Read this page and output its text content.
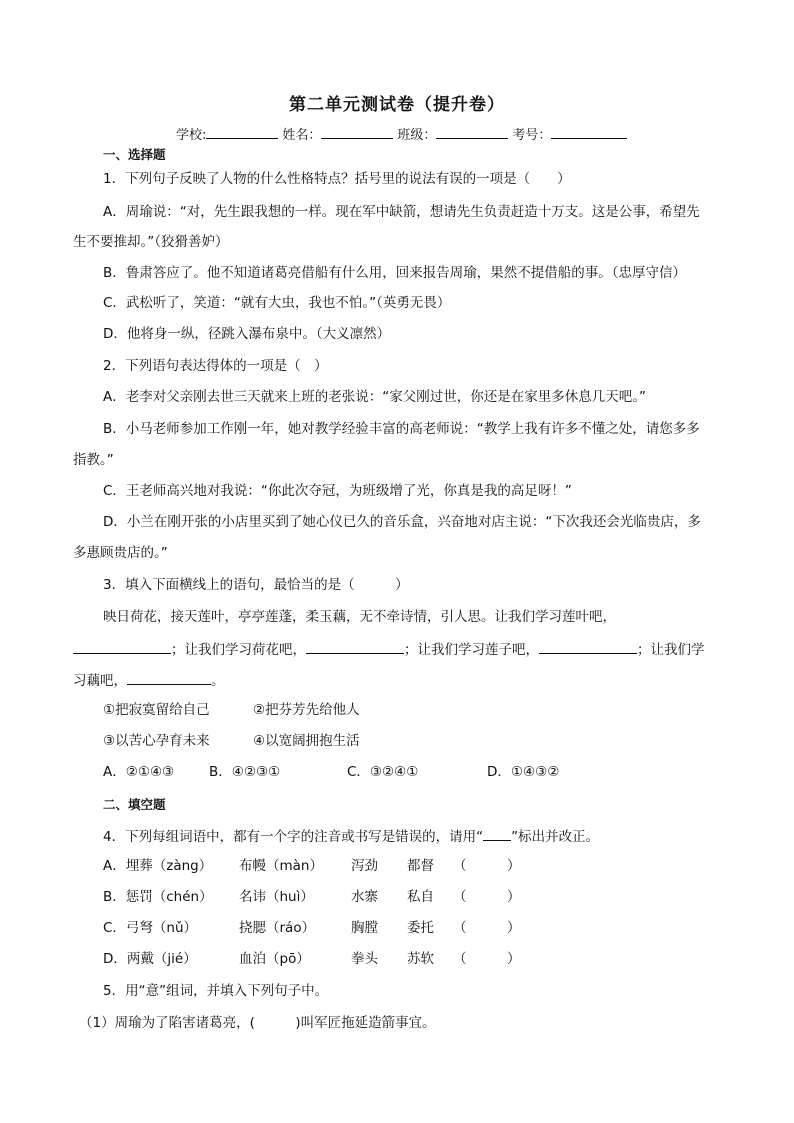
第二单元测试卷（提升卷）
学校:	姓名：	班级：	考号：
一、选择题
1．下列句子反映了人物的什么性格特点？括号里的说法有误的一项是（　　）
A．周瑜说：“对，先生跟我想的一样。现在军中缺箭，想请先生负责赶造十万支。这是公事，希望先
生不要推却。”（狡猾善妒）
B．鲁肃答应了。他不知道诸葛亮借船有什么用，回来报告周瑜，果然不提借船的事。（忠厚守信）
C．武松听了，笑道：“就有大虫，我也不怕。”（英勇无畏）
D．他将身一纵，径跳入瀑布泉中。（大义凛然）
2．下列语句表达得体的一项是（　）
A．老李对父亲刚去世三天就来上班的老张说：“家父刚过世，你还是在家里多休息几天吧。”
B．小马老师参加工作刚一年，她对教学经验丰富的高老师说：“教学上我有许多不懂之处，请您多多
指教。”
C．王老师高兴地对我说：“你此次夺冠，为班级增了光，你真是我的高足呀！”
D．小兰在刚开张的小店里买到了她心仪已久的音乐盒，兴奋地对店主说：“下次我还会光临贵店，多
多惠顾贵店的。”
3．填入下面横线上的语句，最恰当的是（　　　）
映日荷花，接天莲叶，亭亭莲蓬，柔玉藕，无不牵诗情，引人思。让我们学习莲叶吧，
；让我们学习荷花吧，	；让我们学习莲子吧，	；让我们学
习藕吧，	。
①把寂寞留给自己	②把芬芳先给他人
③以苦心孕育未来	④以宽阔拥抱生活
A．②①④③	B．④②③①	C．③②④①	D．①④③②
二、填空题
4．下列每组词语中，都有一个字的注音或书写是错误的，请用“ ”标出并改正。
A．埋葬（zàng） 布幔（màn） 泻劲 都督 （　　　）
B．惩罚（chén） 名讳（huì）	水寨 私自 （　　　）
C．弓弩（nǔ）	挠腮（ráo）	胸膛 委托 （　　　）
D．两戴（jié）	血泊（pō）	拳头 苏软 （　　　）
5．用“意”组词，并填入下列句子中。
（1）周瑜为了陷害诸葛亮，(　　　)叫军匠拖延造箭事宜。
